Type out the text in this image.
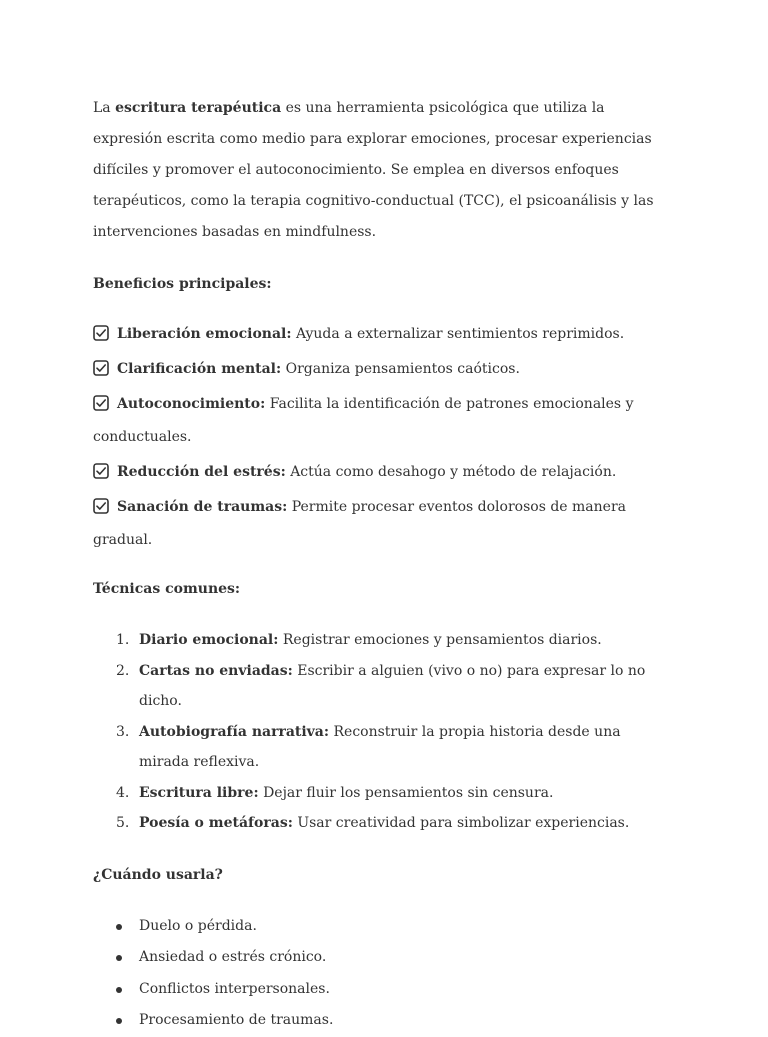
La escritura terapéutica es una herramienta psicológica que utiliza la expresión escrita como medio para explorar emociones, procesar experiencias difíciles y promover el autoconocimiento. Se emplea en diversos enfoques terapéuticos, como la terapia cognitivo-conductual (TCC), el psicoanálisis y las intervenciones basadas en mindfulness.

Beneficios principales:

Liberación emocional: Ayuda a externalizar sentimientos reprimidos.
Clarificación mental: Organiza pensamientos caóticos.
Autoconocimiento: Facilita la identificación de patrones emocionales y conductuales.
Reducción del estrés: Actúa como desahogo y método de relajación.
Sanación de traumas: Permite procesar eventos dolorosos de manera gradual.

Técnicas comunes:

1. Diario emocional: Registrar emociones y pensamientos diarios.
2. Cartas no enviadas: Escribir a alguien (vivo o no) para expresar lo no dicho.
3. Autobiografía narrativa: Reconstruir la propia historia desde una mirada reflexiva.
4. Escritura libre: Dejar fluir los pensamientos sin censura.
5. Poesía o metáforas: Usar creatividad para simbolizar experiencias.

¿Cuándo usarla?

Duelo o pérdida.
Ansiedad o estrés crónico.
Conflictos interpersonales.
Procesamiento de traumas.
